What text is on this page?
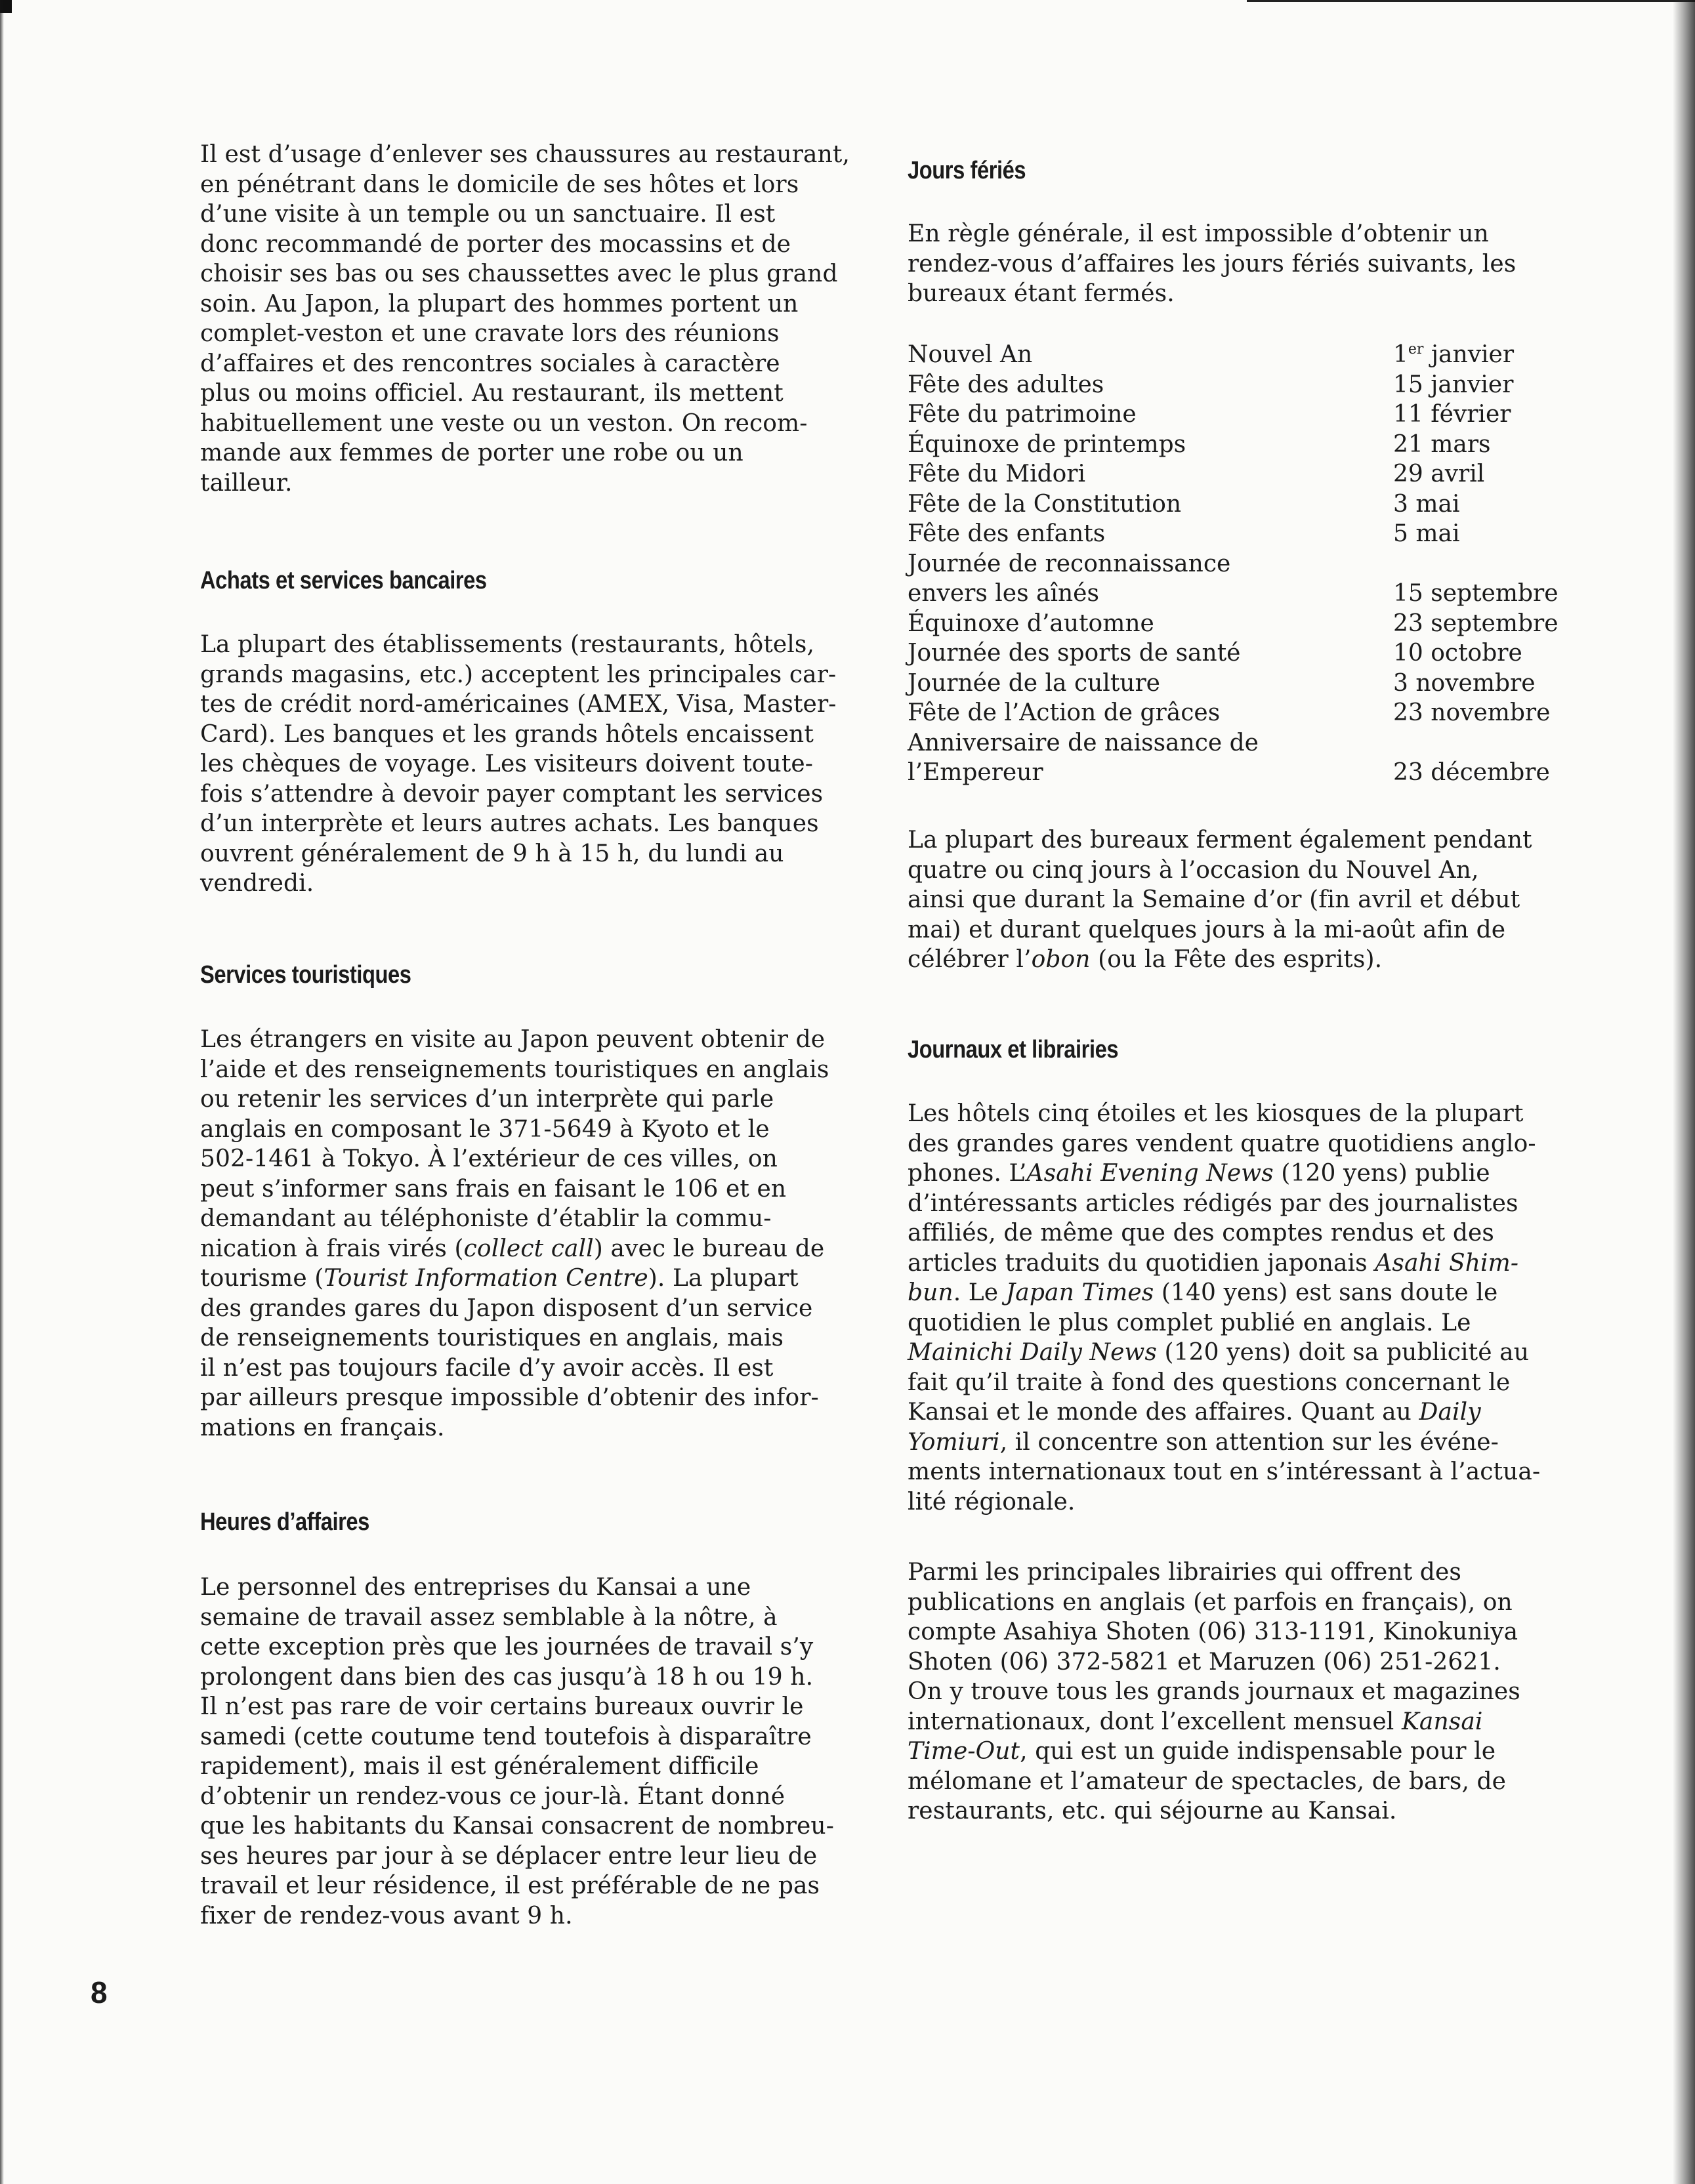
Il est d’usage d’enlever ses chaussures au restaurant,
en pénétrant dans le domicile de ses hôtes et lors
d’une visite à un temple ou un sanctuaire. Il est
donc recommandé de porter des mocassins et de
choisir ses bas ou ses chaussettes avec le plus grand
soin. Au Japon, la plupart des hommes portent un
complet-veston et une cravate lors des réunions
d’affaires et des rencontres sociales à caractère
plus ou moins officiel. Au restaurant, ils mettent
habituellement une veste ou un veston. On recom-
mande aux femmes de porter une robe ou un
tailleur.

Achats et services bancaires

La plupart des établissements (restaurants, hôtels,
grands magasins, etc.) acceptent les principales car-
tes de crédit nord-américaines (AMEX, Visa, Master-
Card). Les banques et les grands hôtels encaissent
les chèques de voyage. Les visiteurs doivent toute-
fois s’attendre à devoir payer comptant les services
d’un interprète et leurs autres achats. Les banques
ouvrent généralement de 9 h à 15 h, du lundi au
vendredi.

Services touristiques

Les étrangers en visite au Japon peuvent obtenir de
l’aide et des renseignements touristiques en anglais
ou retenir les services d’un interprète qui parle
anglais en composant le 371-5649 à Kyoto et le
502-1461 à Tokyo. À l’extérieur de ces villes, on
peut s’informer sans frais en faisant le 106 et en
demandant au téléphoniste d’établir la commu-
nication à frais virés (collect call) avec le bureau de
tourisme (Tourist Information Centre). La plupart
des grandes gares du Japon disposent d’un service
de renseignements touristiques en anglais, mais
il n’est pas toujours facile d’y avoir accès. Il est
par ailleurs presque impossible d’obtenir des infor-
mations en français.

Heures d’affaires

Le personnel des entreprises du Kansai a une
semaine de travail assez semblable à la nôtre, à
cette exception près que les journées de travail s’y
prolongent dans bien des cas jusqu’à 18 h ou 19 h.
Il n’est pas rare de voir certains bureaux ouvrir le
samedi (cette coutume tend toutefois à disparaître
rapidement), mais il est généralement difficile
d’obtenir un rendez-vous ce jour-là. Étant donné
que les habitants du Kansai consacrent de nombreu-
ses heures par jour à se déplacer entre leur lieu de
travail et leur résidence, il est préférable de ne pas
fixer de rendez-vous avant 9 h.

Jours fériés

En règle générale, il est impossible d’obtenir un
rendez-vous d’affaires les jours fériés suivants, les
bureaux étant fermés.

Nouvel An	1er janvier
Fête des adultes	15 janvier
Fête du patrimoine	11 février
Équinoxe de printemps	21 mars
Fête du Midori	29 avril
Fête de la Constitution	3 mai
Fête des enfants	5 mai
Journée de reconnaissance
envers les aînés	15 septembre
Équinoxe d’automne	23 septembre
Journée des sports de santé	10 octobre
Journée de la culture	3 novembre
Fête de l’Action de grâces	23 novembre
Anniversaire de naissance de
l’Empereur	23 décembre

La plupart des bureaux ferment également pendant
quatre ou cinq jours à l’occasion du Nouvel An,
ainsi que durant la Semaine d’or (fin avril et début
mai) et durant quelques jours à la mi-août afin de
célébrer l’obon (ou la Fête des esprits).

Journaux et librairies

Les hôtels cinq étoiles et les kiosques de la plupart
des grandes gares vendent quatre quotidiens anglo-
phones. L’Asahi Evening News (120 yens) publie
d’intéressants articles rédigés par des journalistes
affiliés, de même que des comptes rendus et des
articles traduits du quotidien japonais Asahi Shim-
bun. Le Japan Times (140 yens) est sans doute le
quotidien le plus complet publié en anglais. Le
Mainichi Daily News (120 yens) doit sa publicité au
fait qu’il traite à fond des questions concernant le
Kansai et le monde des affaires. Quant au Daily
Yomiuri, il concentre son attention sur les événe-
ments internationaux tout en s’intéressant à l’actua-
lité régionale.

Parmi les principales librairies qui offrent des
publications en anglais (et parfois en français), on
compte Asahiya Shoten (06) 313-1191, Kinokuniya
Shoten (06) 372-5821 et Maruzen (06) 251-2621.
On y trouve tous les grands journaux et magazines
internationaux, dont l’excellent mensuel Kansai
Time-Out, qui est un guide indispensable pour le
mélomane et l’amateur de spectacles, de bars, de
restaurants, etc. qui séjourne au Kansai.

8
